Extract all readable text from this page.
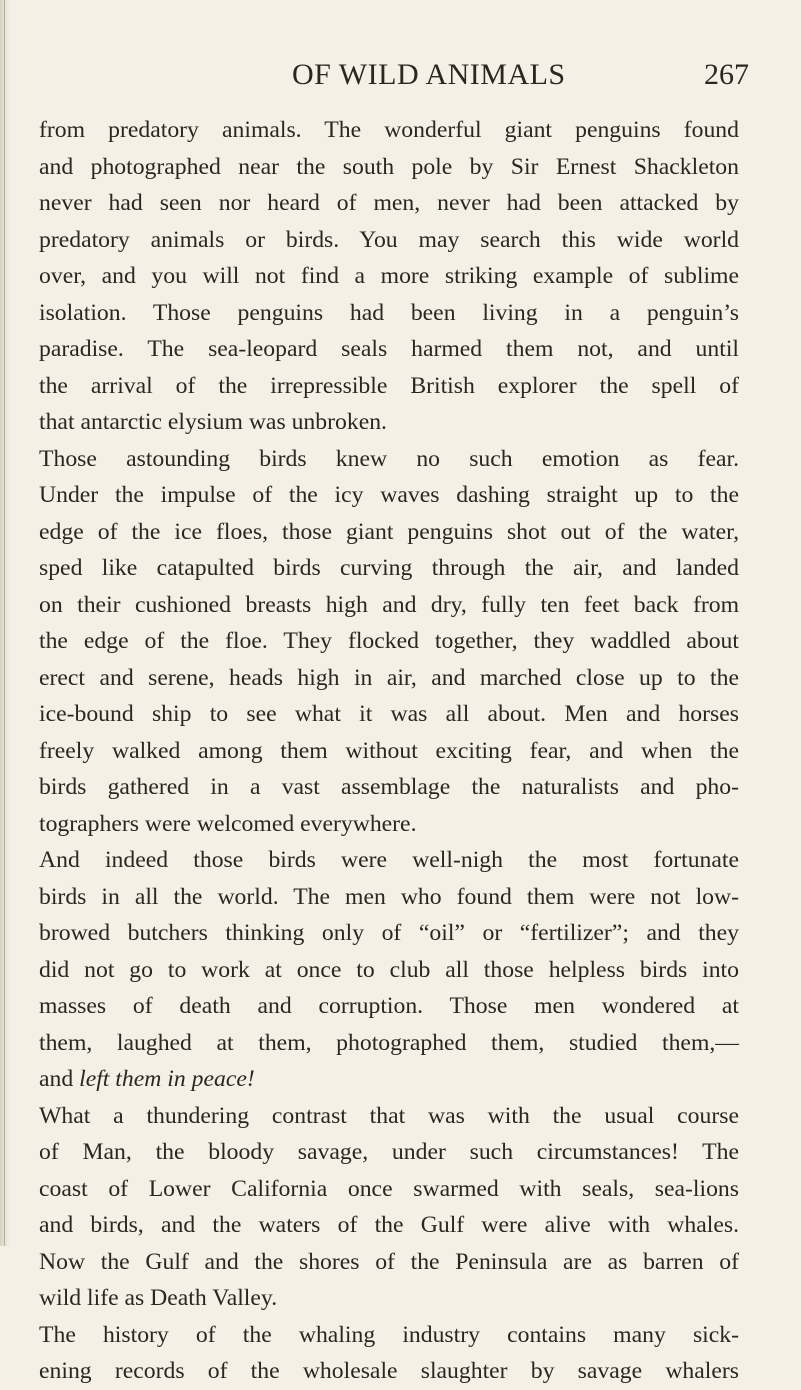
OF WILD ANIMALS	267
from predatory animals. The wonderful giant penguins found
and photographed near the south pole by Sir Ernest Shackleton
never had seen nor heard of men, never had been attacked by
predatory animals or birds. You may search this wide world
over, and you will not find a more striking example of sublime
isolation. Those penguins had been living in a penguin’s
paradise. The sea-leopard seals harmed them not, and until
the arrival of the irrepressible British explorer the spell of
that antarctic elysium was unbroken.
Those astounding birds knew no such emotion as fear.
Under the impulse of the icy waves dashing straight up to the
edge of the ice floes, those giant penguins shot out of the water,
sped like catapulted birds curving through the air, and landed
on their cushioned breasts high and dry, fully ten feet back from
the edge of the floe. They flocked together, they waddled about
erect and serene, heads high in air, and marched close up to the
ice-bound ship to see what it was all about. Men and horses
freely walked among them without exciting fear, and when the
birds gathered in a vast assemblage the naturalists and pho-
tographers were welcomed everywhere.
And indeed those birds were well-nigh the most fortunate
birds in all the world. The men who found them were not low-
browed butchers thinking only of “oil” or “fertilizer”; and they
did not go to work at once to club all those helpless birds into
masses of death and corruption. Those men wondered at
them, laughed at them, photographed them, studied them,—
and left them in peace!
What a thundering contrast that was with the usual course
of Man, the bloody savage, under such circumstances! The
coast of Lower California once swarmed with seals, sea-lions
and birds, and the waters of the Gulf were alive with whales.
Now the Gulf and the shores of the Peninsula are as barren of
wild life as Death Valley.
The history of the whaling industry contains many sick-
ening records of the wholesale slaughter by savage whalers
